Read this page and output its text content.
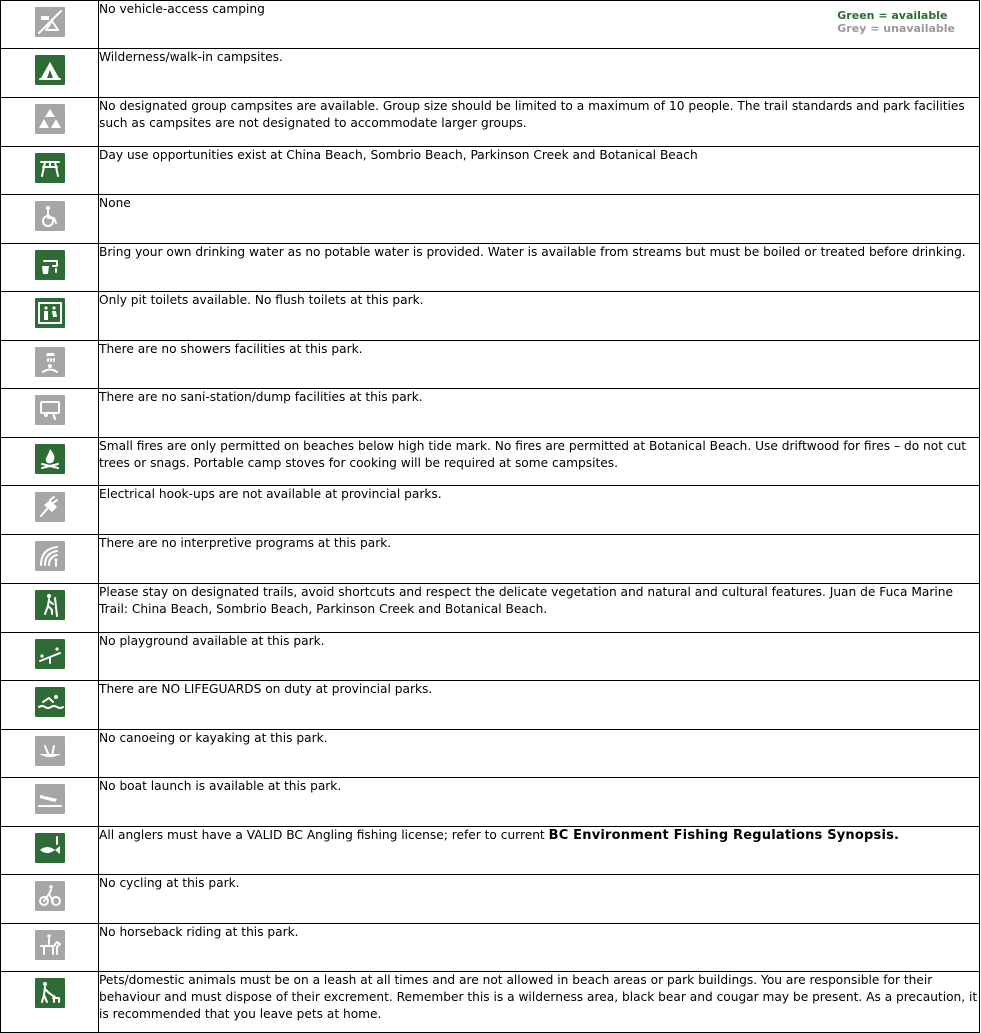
	No vehicle-access camping Green = available
Grey = unavailable

	Wilderness/walk-in campsites.

	No designated group campsites are available. Group size should be limited to a maximum of 10 people. The trail standards and park facilities such as campsites are not designated to accommodate larger groups.

	Day use opportunities exist at China Beach, Sombrio Beach, Parkinson Creek and Botanical Beach

	None

	Bring your own drinking water as no potable water is provided. Water is available from streams but must be boiled or treated before drinking.

	Only pit toilets available. No flush toilets at this park.

	There are no showers facilities at this park.

	There are no sani-station/dump facilities at this park.

	Small fires are only permitted on beaches below high tide mark. No fires are permitted at Botanical Beach. Use driftwood for fires – do not cut trees or snags. Portable camp stoves for cooking will be required at some campsites.

	Electrical hook-ups are not available at provincial parks.

	There are no interpretive programs at this park.

	Please stay on designated trails, avoid shortcuts and respect the delicate vegetation and natural and cultural features. Juan de Fuca Marine Trail: China Beach, Sombrio Beach, Parkinson Creek and Botanical Beach.

	No playground available at this park.

	There are NO LIFEGUARDS on duty at provincial parks.

	No canoeing or kayaking at this park.

	No boat launch is available at this park.

	All anglers must have a VALID BC Angling fishing license; refer to current BC Environment Fishing Regulations Synopsis.

	No cycling at this park.

	No horseback riding at this park.

	Pets/domestic animals must be on a leash at all times and are not allowed in beach areas or park buildings. You are responsible for their behaviour and must dispose of their excrement. Remember this is a wilderness area, black bear and cougar may be present. As a precaution, it is recommended that you leave pets at home.
